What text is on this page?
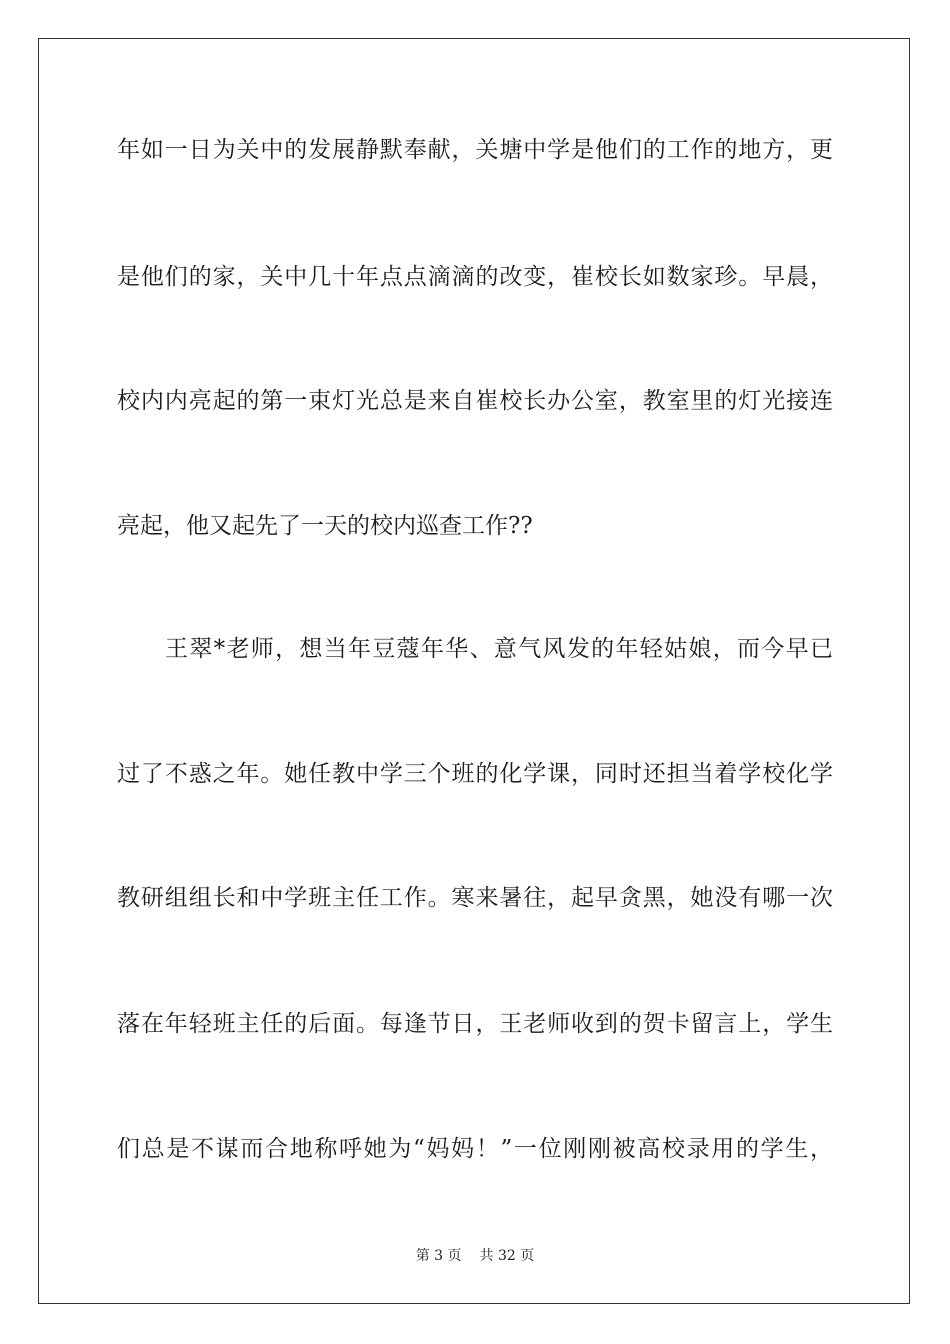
年如一日为关中的发展静默奉献，关塘中学是他们的工作的地方，更
是他们的家，关中几十年点点滴滴的改变，崔校长如数家珍。早晨，
校内内亮起的第一束灯光总是来自崔校长办公室，教室里的灯光接连
亮起，他又起先了一天的校内巡查工作??
王翠*老师，想当年豆蔻年华、意气风发的年轻姑娘，而今早已
过了不惑之年。她任教中学三个班的化学课，同时还担当着学校化学
教研组组长和中学班主任工作。寒来暑往，起早贪黑，她没有哪一次
落在年轻班主任的后面。每逢节日，王老师收到的贺卡留言上，学生
们总是不谋而合地称呼她为“妈妈！”一位刚刚被高校录用的学生，
第 3 页 共 32 页
